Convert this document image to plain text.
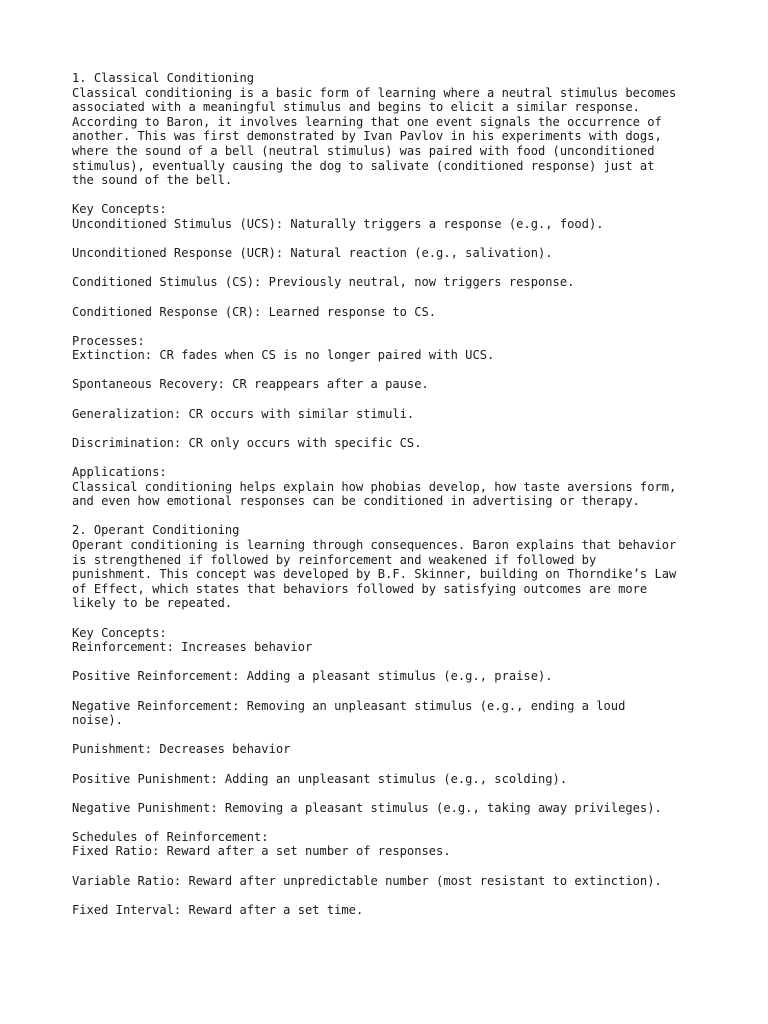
1. Classical Conditioning

Classical conditioning is a basic form of learning where a neutral stimulus becomes
associated with a meaningful stimulus and begins to elicit a similar response.
According to Baron, it involves learning that one event signals the occurrence of
another. This was first demonstrated by Ivan Pavlov in his experiments with dogs,
where the sound of a bell (neutral stimulus) was paired with food (unconditioned
stimulus), eventually causing the dog to salivate (conditioned response) just at
the sound of the bell.

Key Concepts:

Unconditioned Stimulus (UCS): Naturally triggers a response (e.g., food).

Unconditioned Response (UCR): Natural reaction (e.g., salivation).

Conditioned Stimulus (CS): Previously neutral, now triggers response.

Conditioned Response (CR): Learned response to CS.

Processes:

Extinction: CR fades when CS is no longer paired with UCS.

Spontaneous Recovery: CR reappears after a pause.

Generalization: CR occurs with similar stimuli.

Discrimination: CR only occurs with specific CS.

Applications:

Classical conditioning helps explain how phobias develop, how taste aversions form,
and even how emotional responses can be conditioned in advertising or therapy.

2. Operant Conditioning

Operant conditioning is learning through consequences. Baron explains that behavior
is strengthened if followed by reinforcement and weakened if followed by
punishment. This concept was developed by B.F. Skinner, building on Thorndike’s Law
of Effect, which states that behaviors followed by satisfying outcomes are more
likely to be repeated.

Key Concepts:

Reinforcement: Increases behavior

Positive Reinforcement: Adding a pleasant stimulus (e.g., praise).

Negative Reinforcement: Removing an unpleasant stimulus (e.g., ending a loud
noise).

Punishment: Decreases behavior

Positive Punishment: Adding an unpleasant stimulus (e.g., scolding).

Negative Punishment: Removing a pleasant stimulus (e.g., taking away privileges).

Schedules of Reinforcement:

Fixed Ratio: Reward after a set number of responses.

Variable Ratio: Reward after unpredictable number (most resistant to extinction).

Fixed Interval: Reward after a set time.
